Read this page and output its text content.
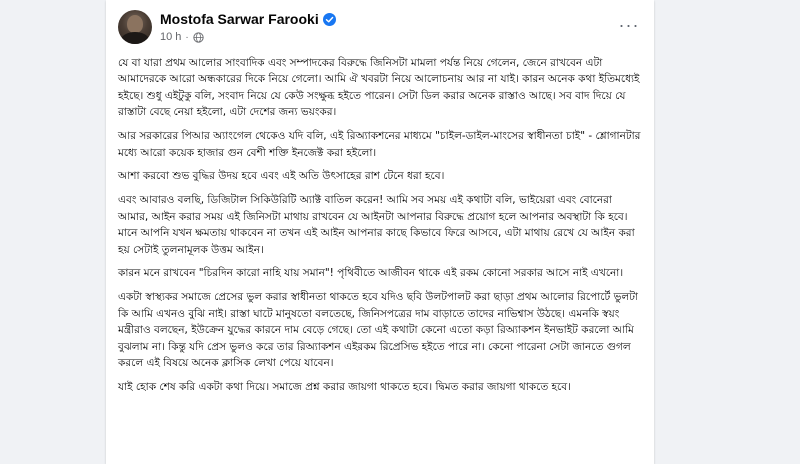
Mostofa Sarwar Farooki
10 h ·
···

যে বা যারা প্রথম আলোর সাংবাদিক এবং সম্পাদকের বিরুদ্ধে জিনিসটা মামলা পর্যন্ত নিয়ে গেলেন, জেনে রাখবেন এটা আমাদেরকে আরো অন্ধকারের দিকে নিয়ে গেলো। আমি ঐ খবরটা নিয়ে আলোচনায় আর না যাই। কারন অনেক কথা ইতিমধ্যেই হইছে। শুধু এইটুকু বলি, সংবাদ নিয়ে যে কেউ সংক্ষুব্ধ হইতে পারেন। সেটা ডিল করার অনেক রাস্তাও আছে। সব বাদ দিয়ে যে রাস্তাটা বেছে নেয়া হইলো, এটা দেশের জন্য ভয়ংকর।

আর সরকারের পিআর অ্যাংগেল থেকেও যদি বলি, এই রিঅ্যাকশনের মাধ্যমে "চাইল-ডাইল-মাংসের স্বাধীনতা চাই" - শ্লোগানটার মধ্যে আরো কয়েক হাজার গুন বেশী শক্তি ইনজেক্ট করা হইলো।

আশা করবো শুভ বুদ্ধির উদয় হবে এবং এই অতি উৎসাহের রাশ টেনে ধরা হবে।

এবং আবারও বলছি, ডিজিটাল সিকিউরিটি অ্যাক্ট বাতিল করেন! আমি সব সময় এই কথাটা বলি, ভাইয়েরা এবং বোনেরা আমার, আইন করার সময় এই জিনিসটা মাথায় রাখবেন যে আইনটা আপনার বিরুদ্ধে প্রয়োগ হলে আপনার অবস্থাটা কি হবে। মানে আপনি যখন ক্ষমতায় থাকবেন না তখন এই আইন আপনার কাছে কিভাবে ফিরে আসবে, এটা মাথায় রেখে যে আইন করা হয় সেটাই তুলনামূলক উত্তম আইন।

কারন মনে রাখবেন "চিরদিন কারো নাহি যায় সমান"! পৃথিবীতে আজীবন থাকে এই রকম কোনো সরকার আসে নাই এখনো।

একটা স্বাস্থ্যকর সমাজে প্রেসের ভুল করার স্বাধীনতা থাকতে হবে যদিও ছবি উলটপালট করা ছাড়া প্রথম আলোর রিপোর্টে ভুলটা কি আমি এখনও বুঝি নাই। রাস্তা ঘাটে মানুষতো বলতেছে, জিনিসপত্রের দাম বাড়াতে তাদের নাভিশ্বাস উঠছে। এমনকি স্বয়ং মন্ত্রীরাও বলছেন, ইউক্রেন যুদ্ধের কারনে দাম বেড়ে গেছে। তো এই কথাটা কেনো এতো কড়া রিঅ্যাকশন ইনভাইট করলো আমি বুঝলাম না। কিন্তু যদি প্রেস ভুলও করে তার রিঅ্যাকশন এইরকম রিপ্রেসিভ হইতে পারে না। কেনো পারেনা সেটা জানতে গুগল করলে এই বিষয়ে অনেক ক্লাসিক লেখা পেয়ে যাবেন।

যাই হোক শেষ করি একটা কথা দিয়ে। সমাজে প্রশ্ন করার জায়গা থাকতে হবে। দ্বিমত করার জায়গা থাকতে হবে।
